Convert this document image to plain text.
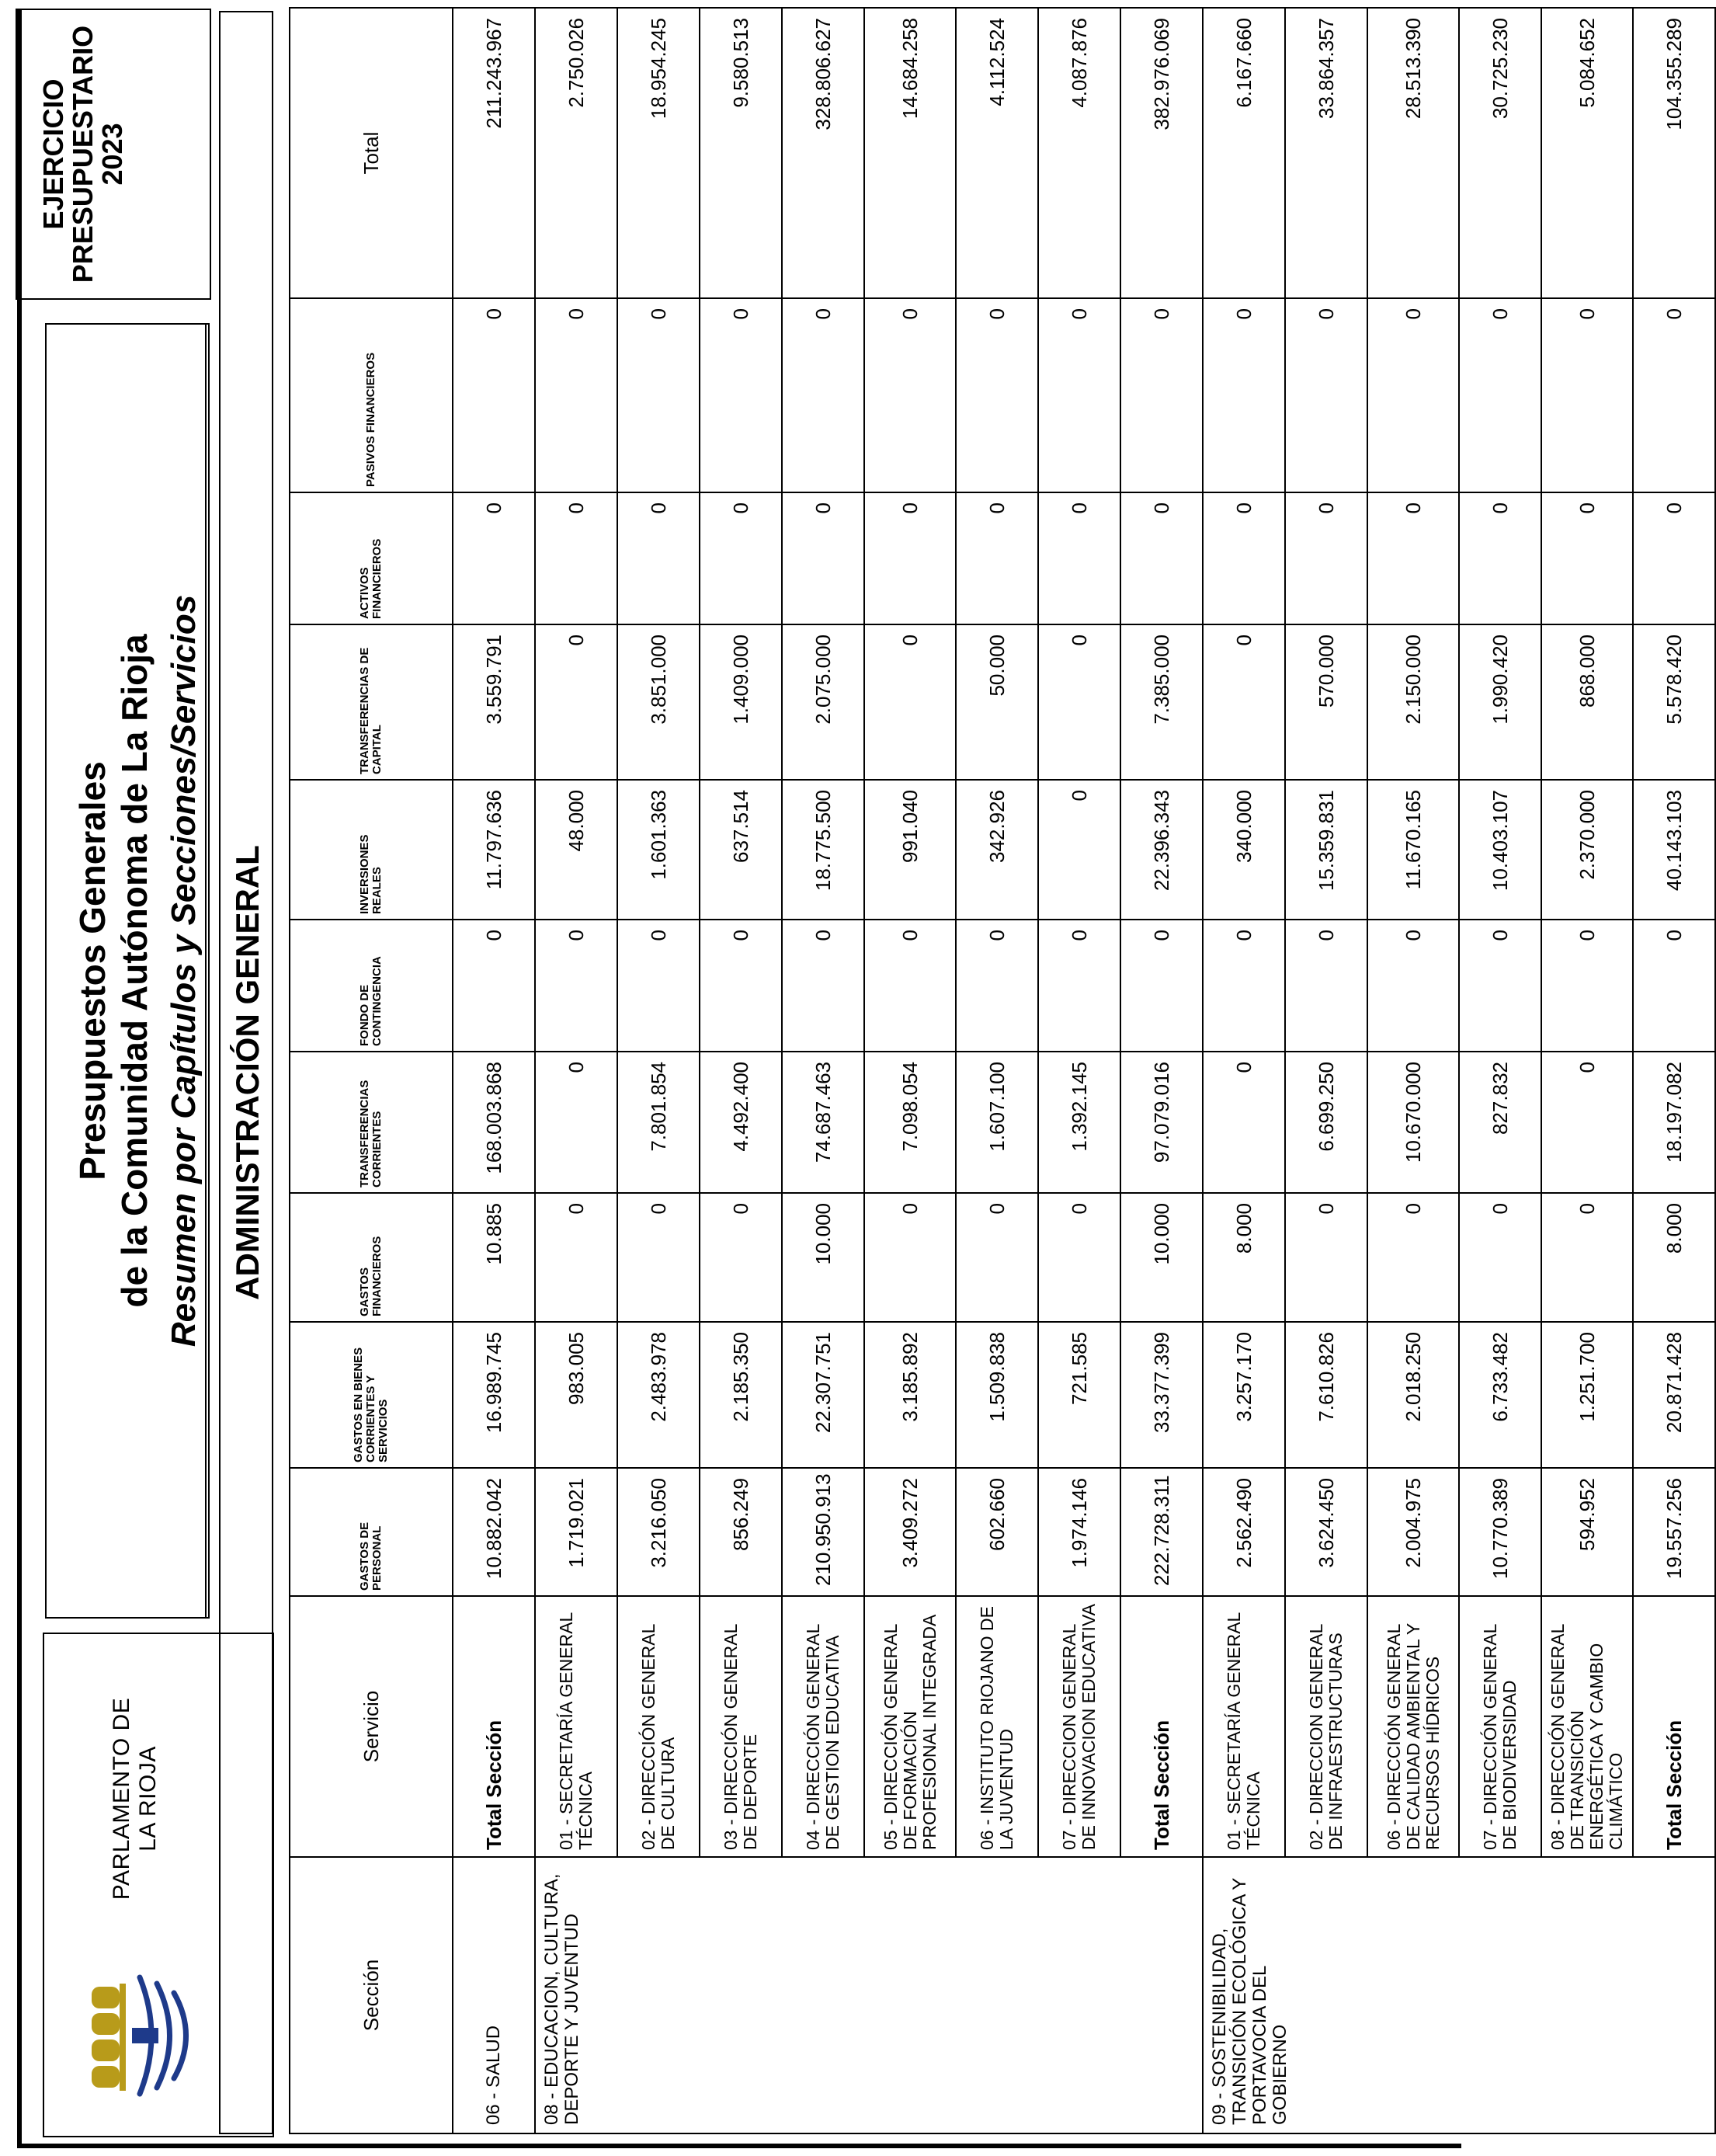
PARLAMENTO DE
LA RIOJA
Presupuestos Generales de la Comunidad Autónoma de La Rioja Resumen por Capítulos y Secciones/Servicios ADMINISTRACIÓN GENERAL
EJERCICIO
PRESUPUESTARIO
2023
Sección	Servicio	GASTOS DE PERSONAL	GASTOS EN BIENES CORRIENTES Y SERVICIOS	GASTOS FINANCIEROS	TRANSFERENCIAS CORRIENTES	FONDO DE CONTINGENCIA	INVERSIONES REALES	TRANSFERENCIAS DE CAPITAL	ACTIVOS FINANCIEROS	PASIVOS FINANCIEROS	Total
06 - SALUD	Total Sección	10.882.042	16.989.745	10.885	168.003.868	0	11.797.636	3.559.791	0	0	211.243.967
08 - EDUCACION, CULTURA, DEPORTE Y JUVENTUD	01 - SECRETARÍA GENERAL TÉCNICA	1.719.021	983.005	0	0	0	48.000	0	0	0	2.750.026
	02 - DIRECCIÓN GENERAL DE CULTURA	3.216.050	2.483.978	0	7.801.854	0	1.601.363	3.851.000	0	0	18.954.245
	03 - DIRECCIÓN GENERAL DE DEPORTE	856.249	2.185.350	0	4.492.400	0	637.514	1.409.000	0	0	9.580.513
	04 - DIRECCIÓN GENERAL DE GESTION EDUCATIVA	210.950.913	22.307.751	10.000	74.687.463	0	18.775.500	2.075.000	0	0	328.806.627
	05 - DIRECCIÓN GENERAL DE FORMACIÓN PROFESIONAL INTEGRADA	3.409.272	3.185.892	0	7.098.054	0	991.040	0	0	0	14.684.258
	06 - INSTITUTO RIOJANO DE LA JUVENTUD	602.660	1.509.838	0	1.607.100	0	342.926	50.000	0	0	4.112.524
	07 - DIRECCION GENERAL DE INNOVACION EDUCATIVA	1.974.146	721.585	0	1.392.145	0	0	0	0	0	4.087.876
	Total Sección	222.728.311	33.377.399	10.000	97.079.016	0	22.396.343	7.385.000	0	0	382.976.069
09 - SOSTENIBILIDAD, TRANSICIÓN ECOLÓGICA Y PORTAVOCIA DEL GOBIERNO	01 - SECRETARÍA GENERAL TÉCNICA	2.562.490	3.257.170	8.000	0	0	340.000	0	0	0	6.167.660
	02 - DIRECCION GENERAL DE INFRAESTRUCTURAS	3.624.450	7.610.826	0	6.699.250	0	15.359.831	570.000	0	0	33.864.357
	06 - DIRECCIÓN GENERAL DE CALIDAD AMBIENTAL Y RECURSOS HÍDRICOS	2.004.975	2.018.250	0	10.670.000	0	11.670.165	2.150.000	0	0	28.513.390
	07 - DIRECCIÓN GENERAL DE BIODIVERSIDAD	10.770.389	6.733.482	0	827.832	0	10.403.107	1.990.420	0	0	30.725.230
	08 - DIRECCIÓN GENERAL DE TRANSICIÓN ENERGÉTICA Y CAMBIO CLIMÁTICO	594.952	1.251.700	0	0	0	2.370.000	868.000	0	0	5.084.652
	Total Sección	19.557.256	20.871.428	8.000	18.197.082	0	40.143.103	5.578.420	0	0	104.355.289
